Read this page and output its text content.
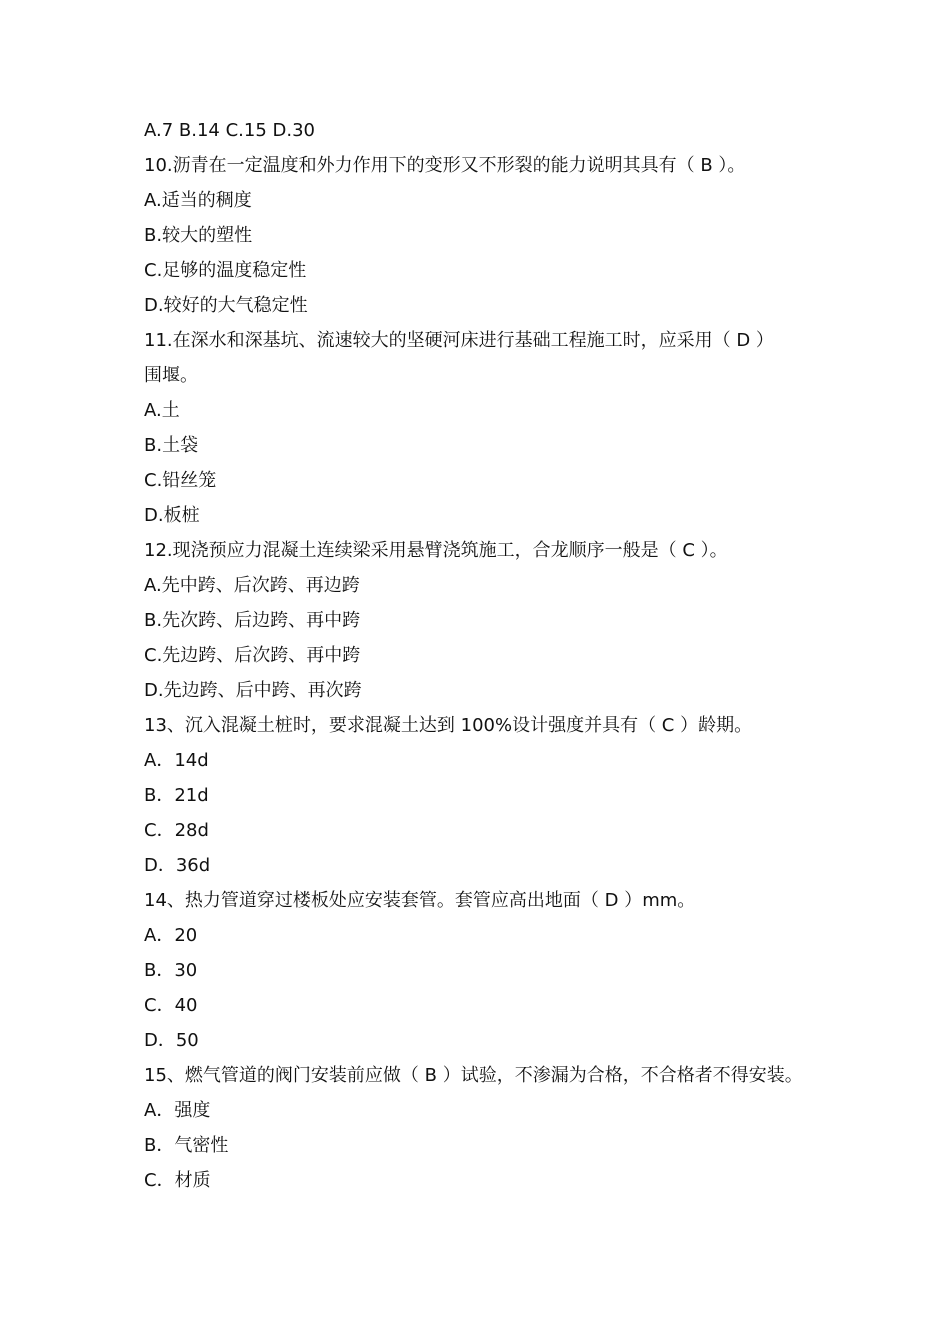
A.7 B.14 C.15 D.30
10.沥青在一定温度和外力作用下的变形又不形裂的能力说明其具有（ B ）。
A.适当的稠度
B.较大的塑性
C.足够的温度稳定性
D.较好的大气稳定性
11.在深水和深基坑、流速较大的坚硬河床进行基础工程施工时，应采用（ D ）
围堰。
A.土
B.土袋
C.铅丝笼
D.板桩
12.现浇预应力混凝土连续梁采用悬臂浇筑施工，合龙顺序一般是（ C ）。
A.先中跨、后次跨、再边跨
B.先次跨、后边跨、再中跨
C.先边跨、后次跨、再中跨
D.先边跨、后中跨、再次跨
13、沉入混凝土桩时，要求混凝土达到 100%设计强度并具有（ C ）龄期。
A．14d
B．21d
C．28d
D．36d
14、热力管道穿过楼板处应安装套管。套管应高出地面（ D ）mm。
A．20
B．30
C．40
D．50
15、燃气管道的阀门安装前应做（ B ）试验，不渗漏为合格，不合格者不得安装。
A．强度
B．气密性
C．材质
